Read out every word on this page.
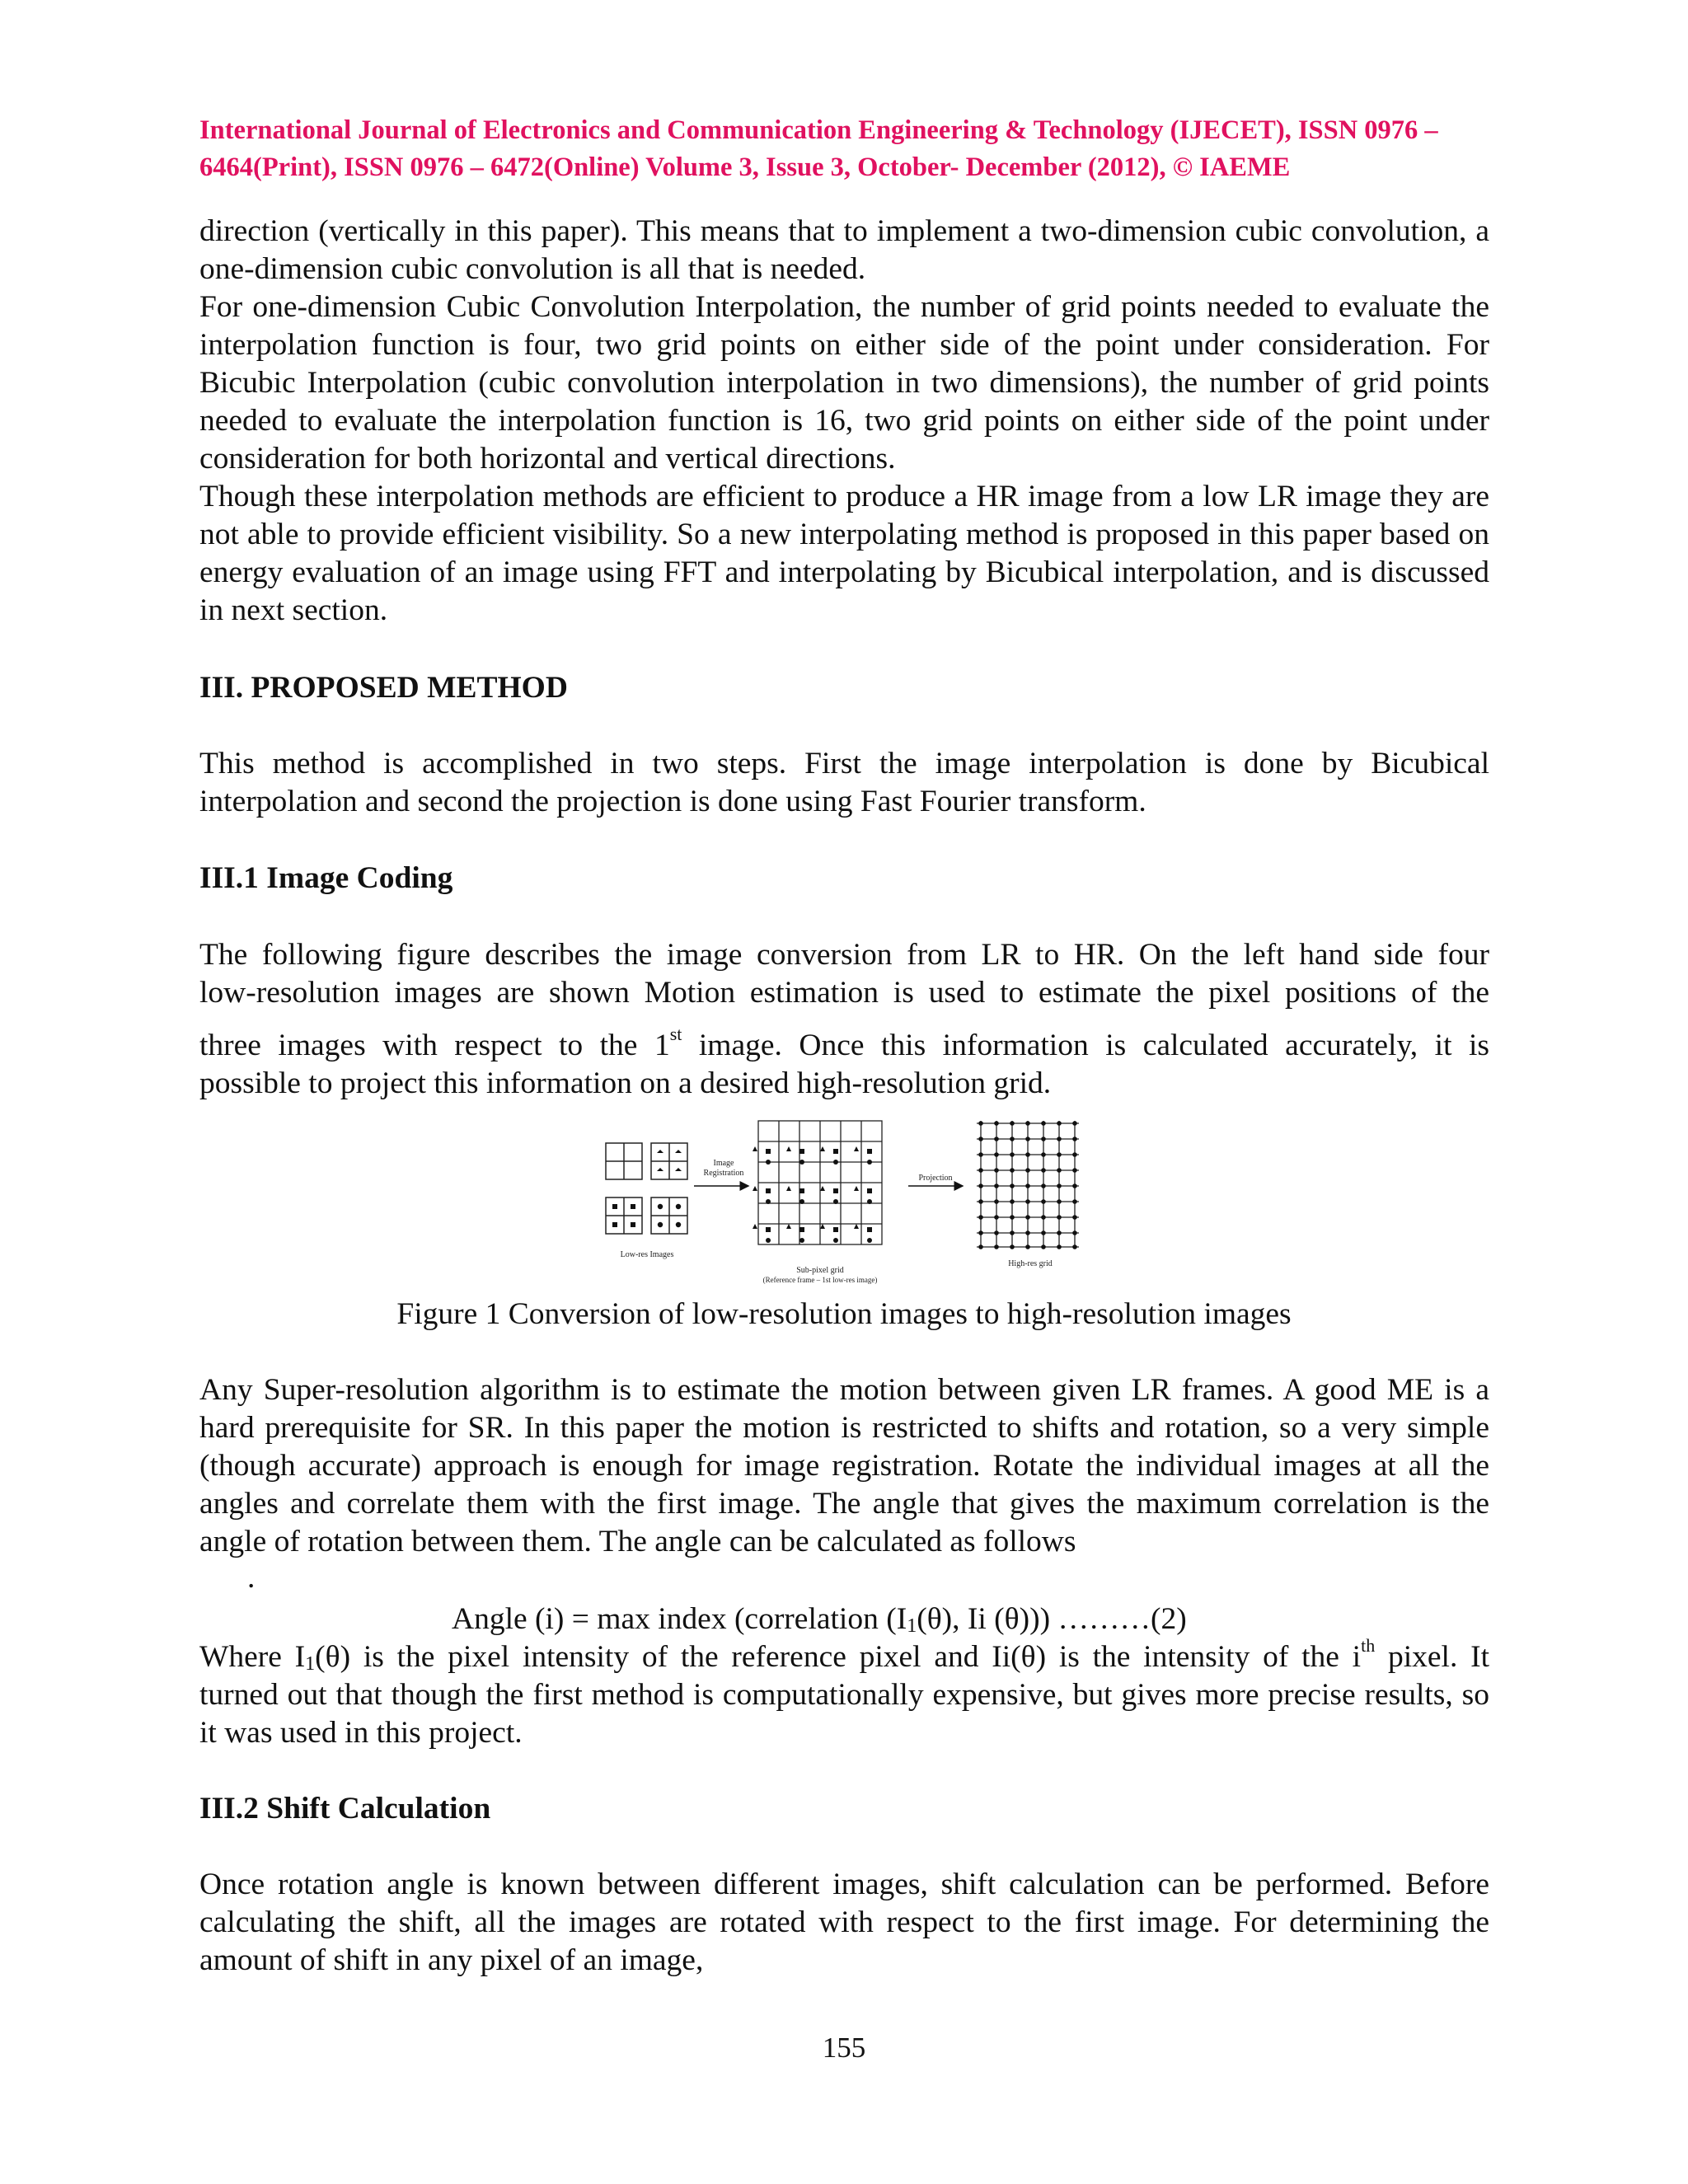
International Journal of Electronics and Communication Engineering & Technology (IJECET), ISSN 0976 –
6464(Print), ISSN 0976 – 6472(Online) Volume 3, Issue 3, October- December (2012), © IAEME

direction (vertically in this paper). This means that to implement a two-dimension cubic convolution, a one-dimension cubic convolution is all that is needed.

For one-dimension Cubic Convolution Interpolation, the number of grid points needed to evaluate the interpolation function is four, two grid points on either side of the point under consideration. For Bicubic Interpolation (cubic convolution interpolation in two dimensions), the number of grid points needed to evaluate the interpolation function is 16, two grid points on either side of the point under consideration for both horizontal and vertical directions.

Though these interpolation methods are efficient to produce a HR image from a low LR image they are not able to provide efficient visibility. So a new interpolating method is proposed in this paper based on energy evaluation of an image using FFT and interpolating by Bicubical interpolation, and is discussed in next section.

III. PROPOSED METHOD

This method is accomplished in two steps. First the image interpolation is done by Bicubical interpolation and second the projection is done using Fast Fourier transform.

III.1 Image Coding

The following figure describes the image conversion from LR to HR. On the left hand side four

low-resolution images are shown Motion estimation is used to estimate the pixel positions of the

three images with respect to the 1st image. Once this information is calculated accurately, it is

possible to project this information on a desired high-resolution grid.

Low-res Images
Image
Registration
Sub-pixel grid
(Reference frame – 1st low-res image)
Projection
High-res grid
Figure 1 Conversion of low-resolution images to high-resolution images

Any Super-resolution algorithm is to estimate the motion between given LR frames. A good ME is a hard prerequisite for SR. In this paper the motion is restricted to shifts and rotation, so a very simple (though accurate) approach is enough for image registration. Rotate the individual images at all the angles and correlate them with the first image. The angle that gives the maximum correlation is the angle of rotation between them. The angle can be calculated as follows

.
Angle (i) = max index (correlation ($I_1(\theta)$, Ii (θ))) ………(2)

Where $I_1(\theta)$ is the pixel intensity of the reference pixel and Ii(θ) is the intensity of the $i^{th}$ pixel. It

turned out that though the first method is computationally expensive, but gives more precise results, so it was used in this project.

III.2 Shift Calculation

Once rotation angle is known between different images, shift calculation can be performed. Before calculating the shift, all the images are rotated with respect to the first image. For determining the amount of shift in any pixel of an image,

155
